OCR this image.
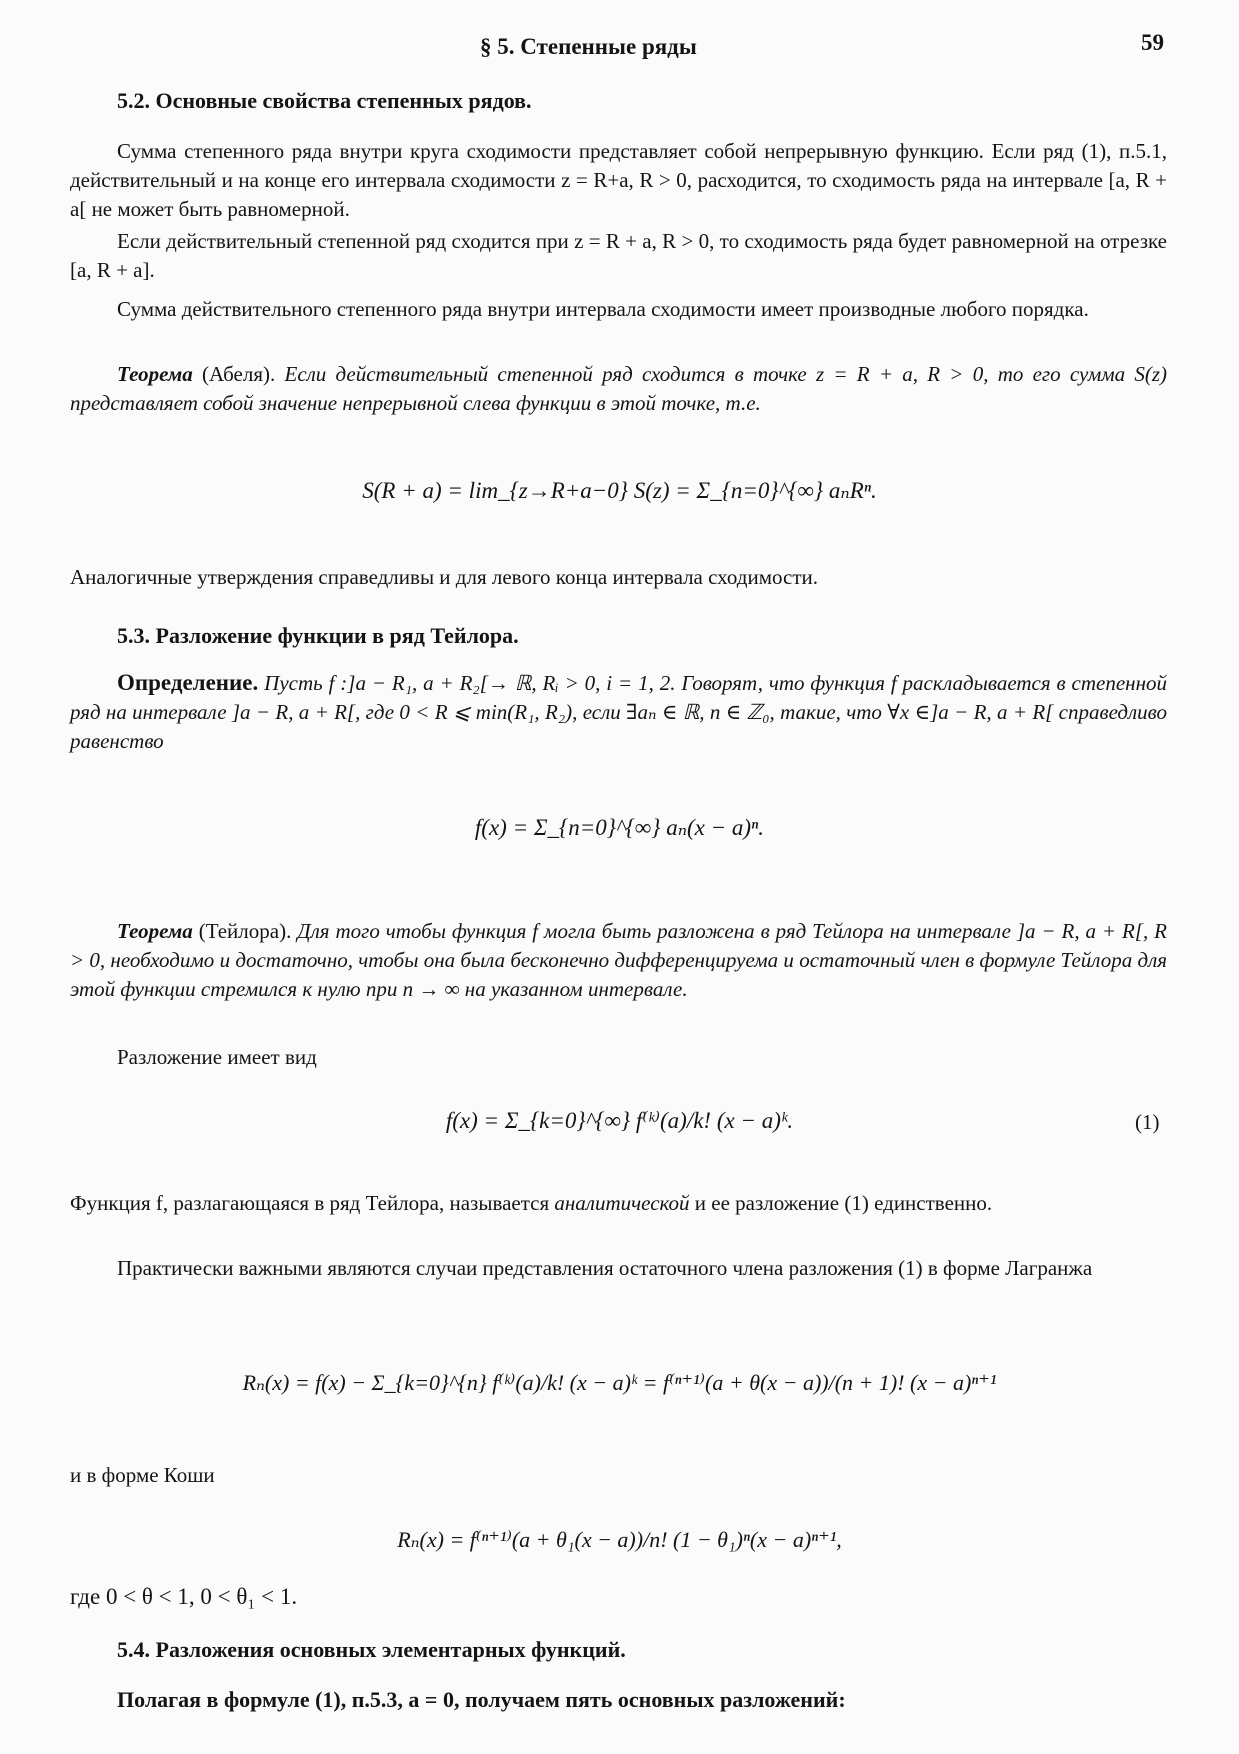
§ 5. Степенные ряды	59
5.2. Основные свойства степенных рядов.
Сумма степенного ряда внутри круга сходимости представляет собой непрерывную функцию. Если ряд (1), п.5.1, действительный и на конце его интервала сходимости z = R+a, R > 0, расходится, то сходимость ряда на интервале [a, R + a[ не может быть равномерной.
Если действительный степенной ряд сходится при z = R + a, R > 0, то сходимость ряда будет равномерной на отрезке [a, R + a].
Сумма действительного степенного ряда внутри интервала сходимости имеет производные любого порядка.
Теорема (Абеля). Если действительный степенной ряд сходится в точке z = R + a, R > 0, то его сумма S(z) представляет собой значение непрерывной слева функции в этой точке, т.е.
S(R + a) = lim_{z→R+a−0} S(z) = Σ_{n=0}^{∞} aₙRⁿ.
Аналогичные утверждения справедливы и для левого конца интервала сходимости.
5.3. Разложение функции в ряд Тейлора.
Определение. Пусть f :]a − R₁, a + R₂[→ ℝ, Rᵢ > 0, i = 1, 2. Говорят, что функция f раскладывается в степенной ряд на интервале ]a − R, a + R[, где 0 < R ⩽ min(R₁, R₂), если ∃aₙ ∈ ℝ, n ∈ ℤ₀, такие, что ∀x ∈]a − R, a + R[ справедливо равенство
f(x) = Σ_{n=0}^{∞} aₙ(x − a)ⁿ.
Теорема (Тейлора). Для того чтобы функция f могла быть разложена в ряд Тейлора на интервале ]a − R, a + R[, R > 0, необходимо и достаточно, чтобы она была бесконечно дифференцируема и остаточный член в формуле Тейлора для этой функции стремился к нулю при n → ∞ на указанном интервале.
Разложение имеет вид
f(x) = Σ_{k=0}^{∞} f⁽ᵏ⁾(a)/k! (x − a)ᵏ.	(1)
Функция f, разлагающаяся в ряд Тейлора, называется аналитической и ее разложение (1) единственно.
Практически важными являются случаи представления остаточного члена разложения (1) в форме Лагранжа
Rₙ(x) = f(x) − Σ_{k=0}^{n} f⁽ᵏ⁾(a)/k! (x − a)ᵏ = f⁽ⁿ⁺¹⁾(a + θ(x − a))/(n + 1)! (x − a)ⁿ⁺¹
и в форме Коши
Rₙ(x) = f⁽ⁿ⁺¹⁾(a + θ₁(x − a))/n! (1 − θ₁)ⁿ(x − a)ⁿ⁺¹,
где 0 < θ < 1, 0 < θ₁ < 1.
5.4. Разложения основных элементарных функций.
Полагая в формуле (1), п.5.3, a = 0, получаем пять основных разложений:
